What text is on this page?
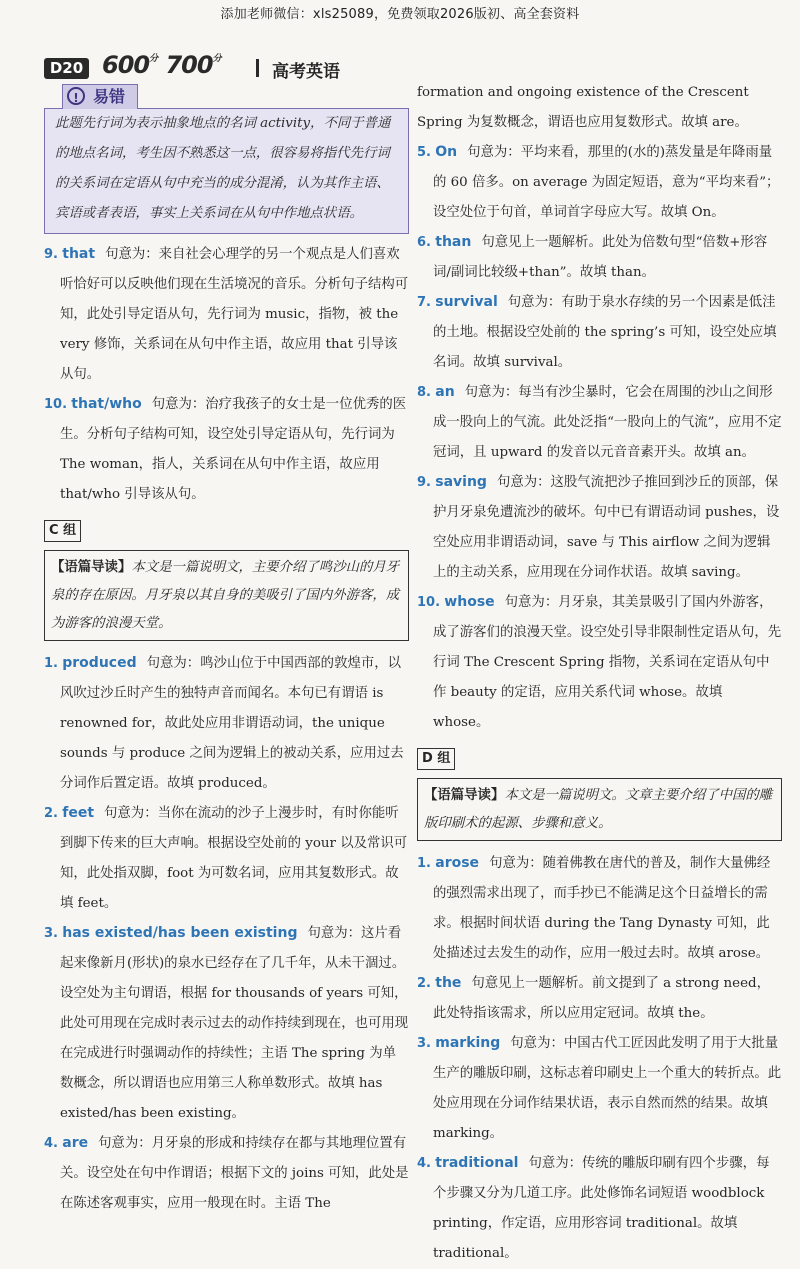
添加老师微信：xls25089，免费领取2026版初、高全套资料
D20 $600^分$ $700^分$
高考英语
! 易错

此题先行词为表示抽象地点的名词 activity，不同于普通的地点名词，考生因不熟悉这一点，很容易将指代先行词的关系词在定语从句中充当的成分混淆，认为其作主语、宾语或者表语，事实上关系词在从句中作地点状语。

9. that 句意为：来自社会心理学的另一个观点是人们喜欢听恰好可以反映他们现在生活境况的音乐。分析句子结构可知，此处引导定语从句，先行词为 music，指物，被 the very 修饰，关系词在从句中作主语，故应用 that 引导该从句。

10. that/who 句意为：治疗我孩子的女士是一位优秀的医生。分析句子结构可知，设空处引导定语从句，先行词为 The woman，指人，关系词在从句中作主语，故应用 that/who 引导该从句。

C 组
【语篇导读】本文是一篇说明文，主要介绍了鸣沙山的月牙泉的存在原因。月牙泉以其自身的美吸引了国内外游客，成为游客的浪漫天堂。

1. produced 句意为：鸣沙山位于中国西部的敦煌市，以风吹过沙丘时产生的独特声音而闻名。本句已有谓语 is renowned for，故此处应用非谓语动词，the unique sounds 与 produce 之间为逻辑上的被动关系，应用过去分词作后置定语。故填 produced。

2. feet 句意为：当你在流动的沙子上漫步时，有时你能听到脚下传来的巨大声响。根据设空处前的 your 以及常识可知，此处指双脚，foot 为可数名词，应用其复数形式。故填 feet。

3. has existed/has been existing 句意为：这片看起来像新月(形状)的泉水已经存在了几千年，从未干涸过。设空处为主句谓语，根据 for thousands of years 可知，此处可用现在完成时表示过去的动作持续到现在，也可用现在完成进行时强调动作的持续性；主语 The spring 为单数概念，所以谓语也应用第三人称单数形式。故填 has existed/has been existing。

4. are 句意为：月牙泉的形成和持续存在都与其地理位置有关。设空处在句中作谓语；根据下文的 joins 可知，此处是在陈述客观事实，应用一般现在时。主语 The

formation and ongoing existence of the Crescent Spring 为复数概念，谓语也应用复数形式。故填 are。

5. On 句意为：平均来看，那里的(水的)蒸发量是年降雨量的 60 倍多。on average 为固定短语，意为“平均来看”；设空处位于句首，单词首字母应大写。故填 On。

6. than 句意见上一题解析。此处为倍数句型“倍数+形容词/副词比较级+than”。故填 than。

7. survival 句意为：有助于泉水存续的另一个因素是低洼的土地。根据设空处前的 the spring’s 可知，设空处应填名词。故填 survival。

8. an 句意为：每当有沙尘暴时，它会在周围的沙山之间形成一股向上的气流。此处泛指“一股向上的气流”，应用不定冠词，且 upward 的发音以元音音素开头。故填 an。

9. saving 句意为：这股气流把沙子推回到沙丘的顶部，保护月牙泉免遭流沙的破坏。句中已有谓语动词 pushes，设空处应用非谓语动词，save 与 This airflow 之间为逻辑上的主动关系，应用现在分词作状语。故填 saving。

10. whose 句意为：月牙泉，其美景吸引了国内外游客，成了游客们的浪漫天堂。设空处引导非限制性定语从句，先行词 The Crescent Spring 指物，关系词在定语从句中作 beauty 的定语，应用关系代词 whose。故填 whose。

D 组
【语篇导读】本文是一篇说明文。文章主要介绍了中国的雕版印刷术的起源、步骤和意义。

1. arose 句意为：随着佛教在唐代的普及，制作大量佛经的强烈需求出现了，而手抄已不能满足这个日益增长的需求。根据时间状语 during the Tang Dynasty 可知，此处描述过去发生的动作，应用一般过去时。故填 arose。

2. the 句意见上一题解析。前文提到了 a strong need，此处特指该需求，所以应用定冠词。故填 the。

3. marking 句意为：中国古代工匠因此发明了用于大批量生产的雕版印刷，这标志着印刷史上一个重大的转折点。此处应用现在分词作结果状语，表示自然而然的结果。故填 marking。

4. traditional 句意为：传统的雕版印刷有四个步骤，每个步骤又分为几道工序。此处修饰名词短语 woodblock printing，作定语，应用形容词 traditional。故填 traditional。
